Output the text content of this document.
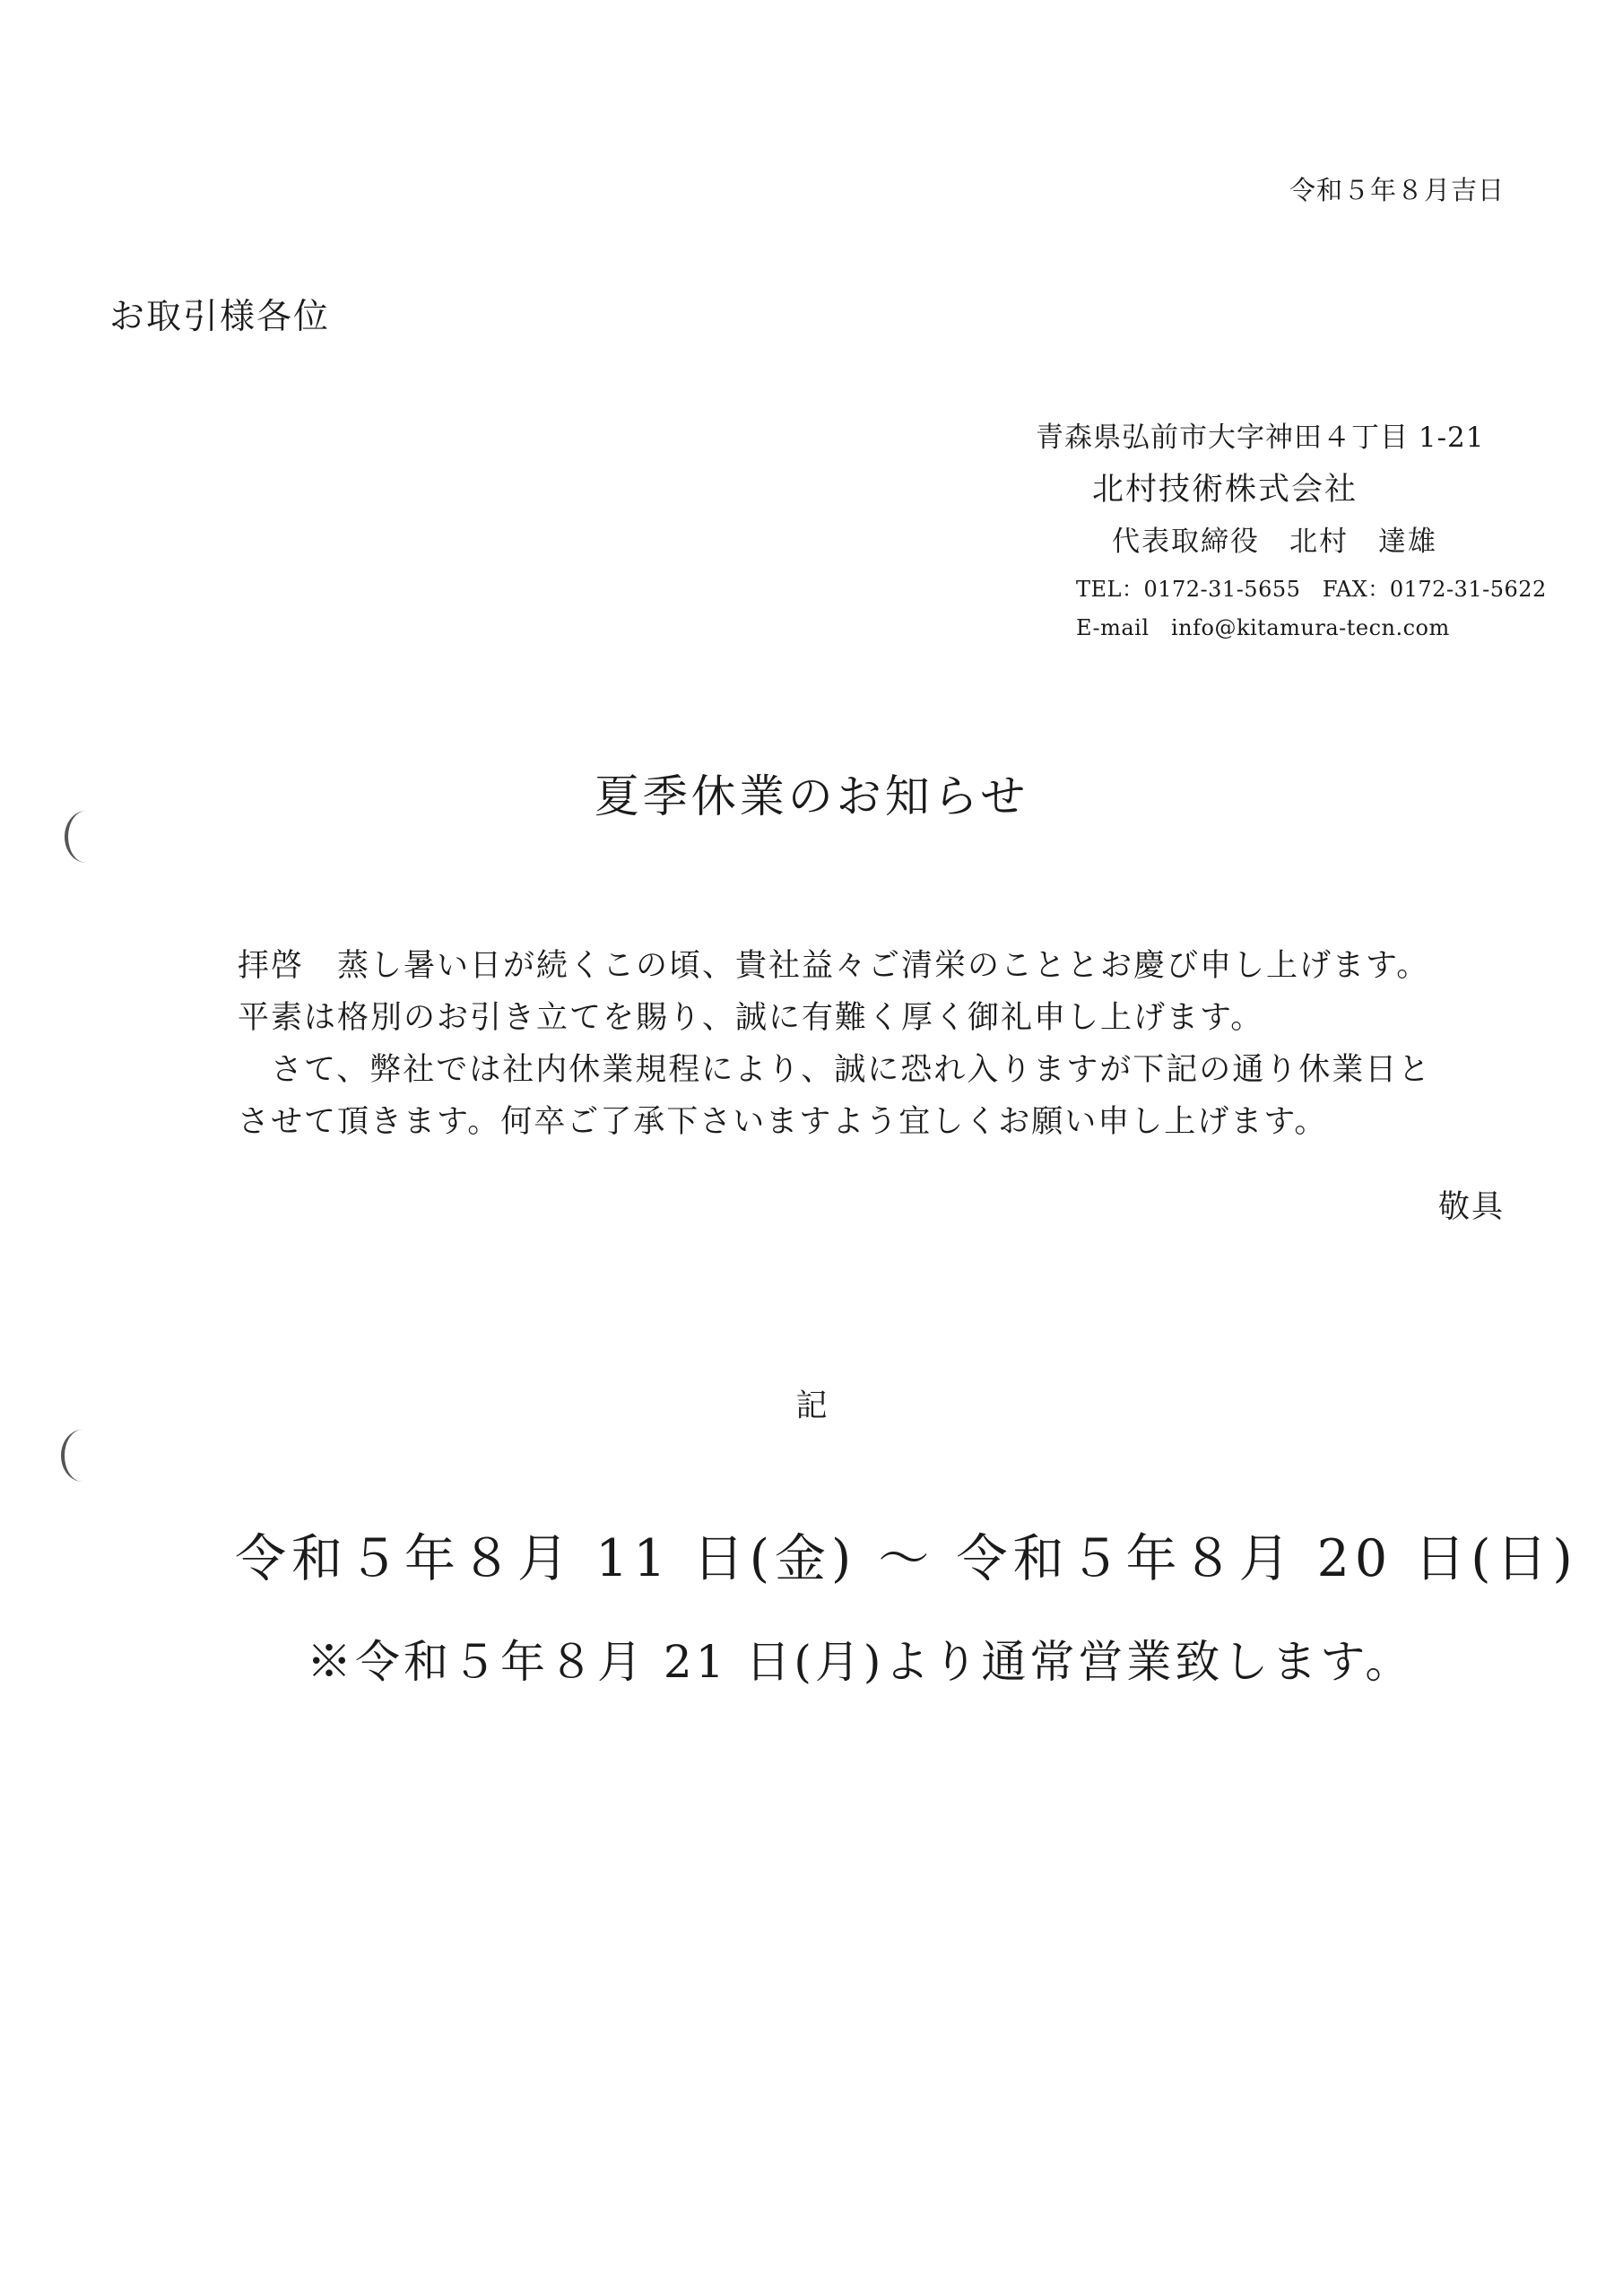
令和５年８月吉日
お取引様各位
青森県弘前市大字神田４丁目 1-21
北村技術株式会社
代表取締役　北村　達雄
TEL：0172-31-5655　FAX：0172-31-5622
E-mail　info@kitamura-tecn.com
夏季休業のお知らせ
拝啓　蒸し暑い日が続くこの頃、貴社益々ご清栄のこととお慶び申し上げます。
平素は格別のお引き立てを賜り、誠に有難く厚く御礼申し上げます。
　さて、弊社では社内休業規程により、誠に恐れ入りますが下記の通り休業日と
させて頂きます。何卒ご了承下さいますよう宜しくお願い申し上げます。
敬具
記
令和５年８月 11 日(金) ～ 令和５年８月 20 日(日)
※令和５年８月 21 日(月)より通常営業致します。
